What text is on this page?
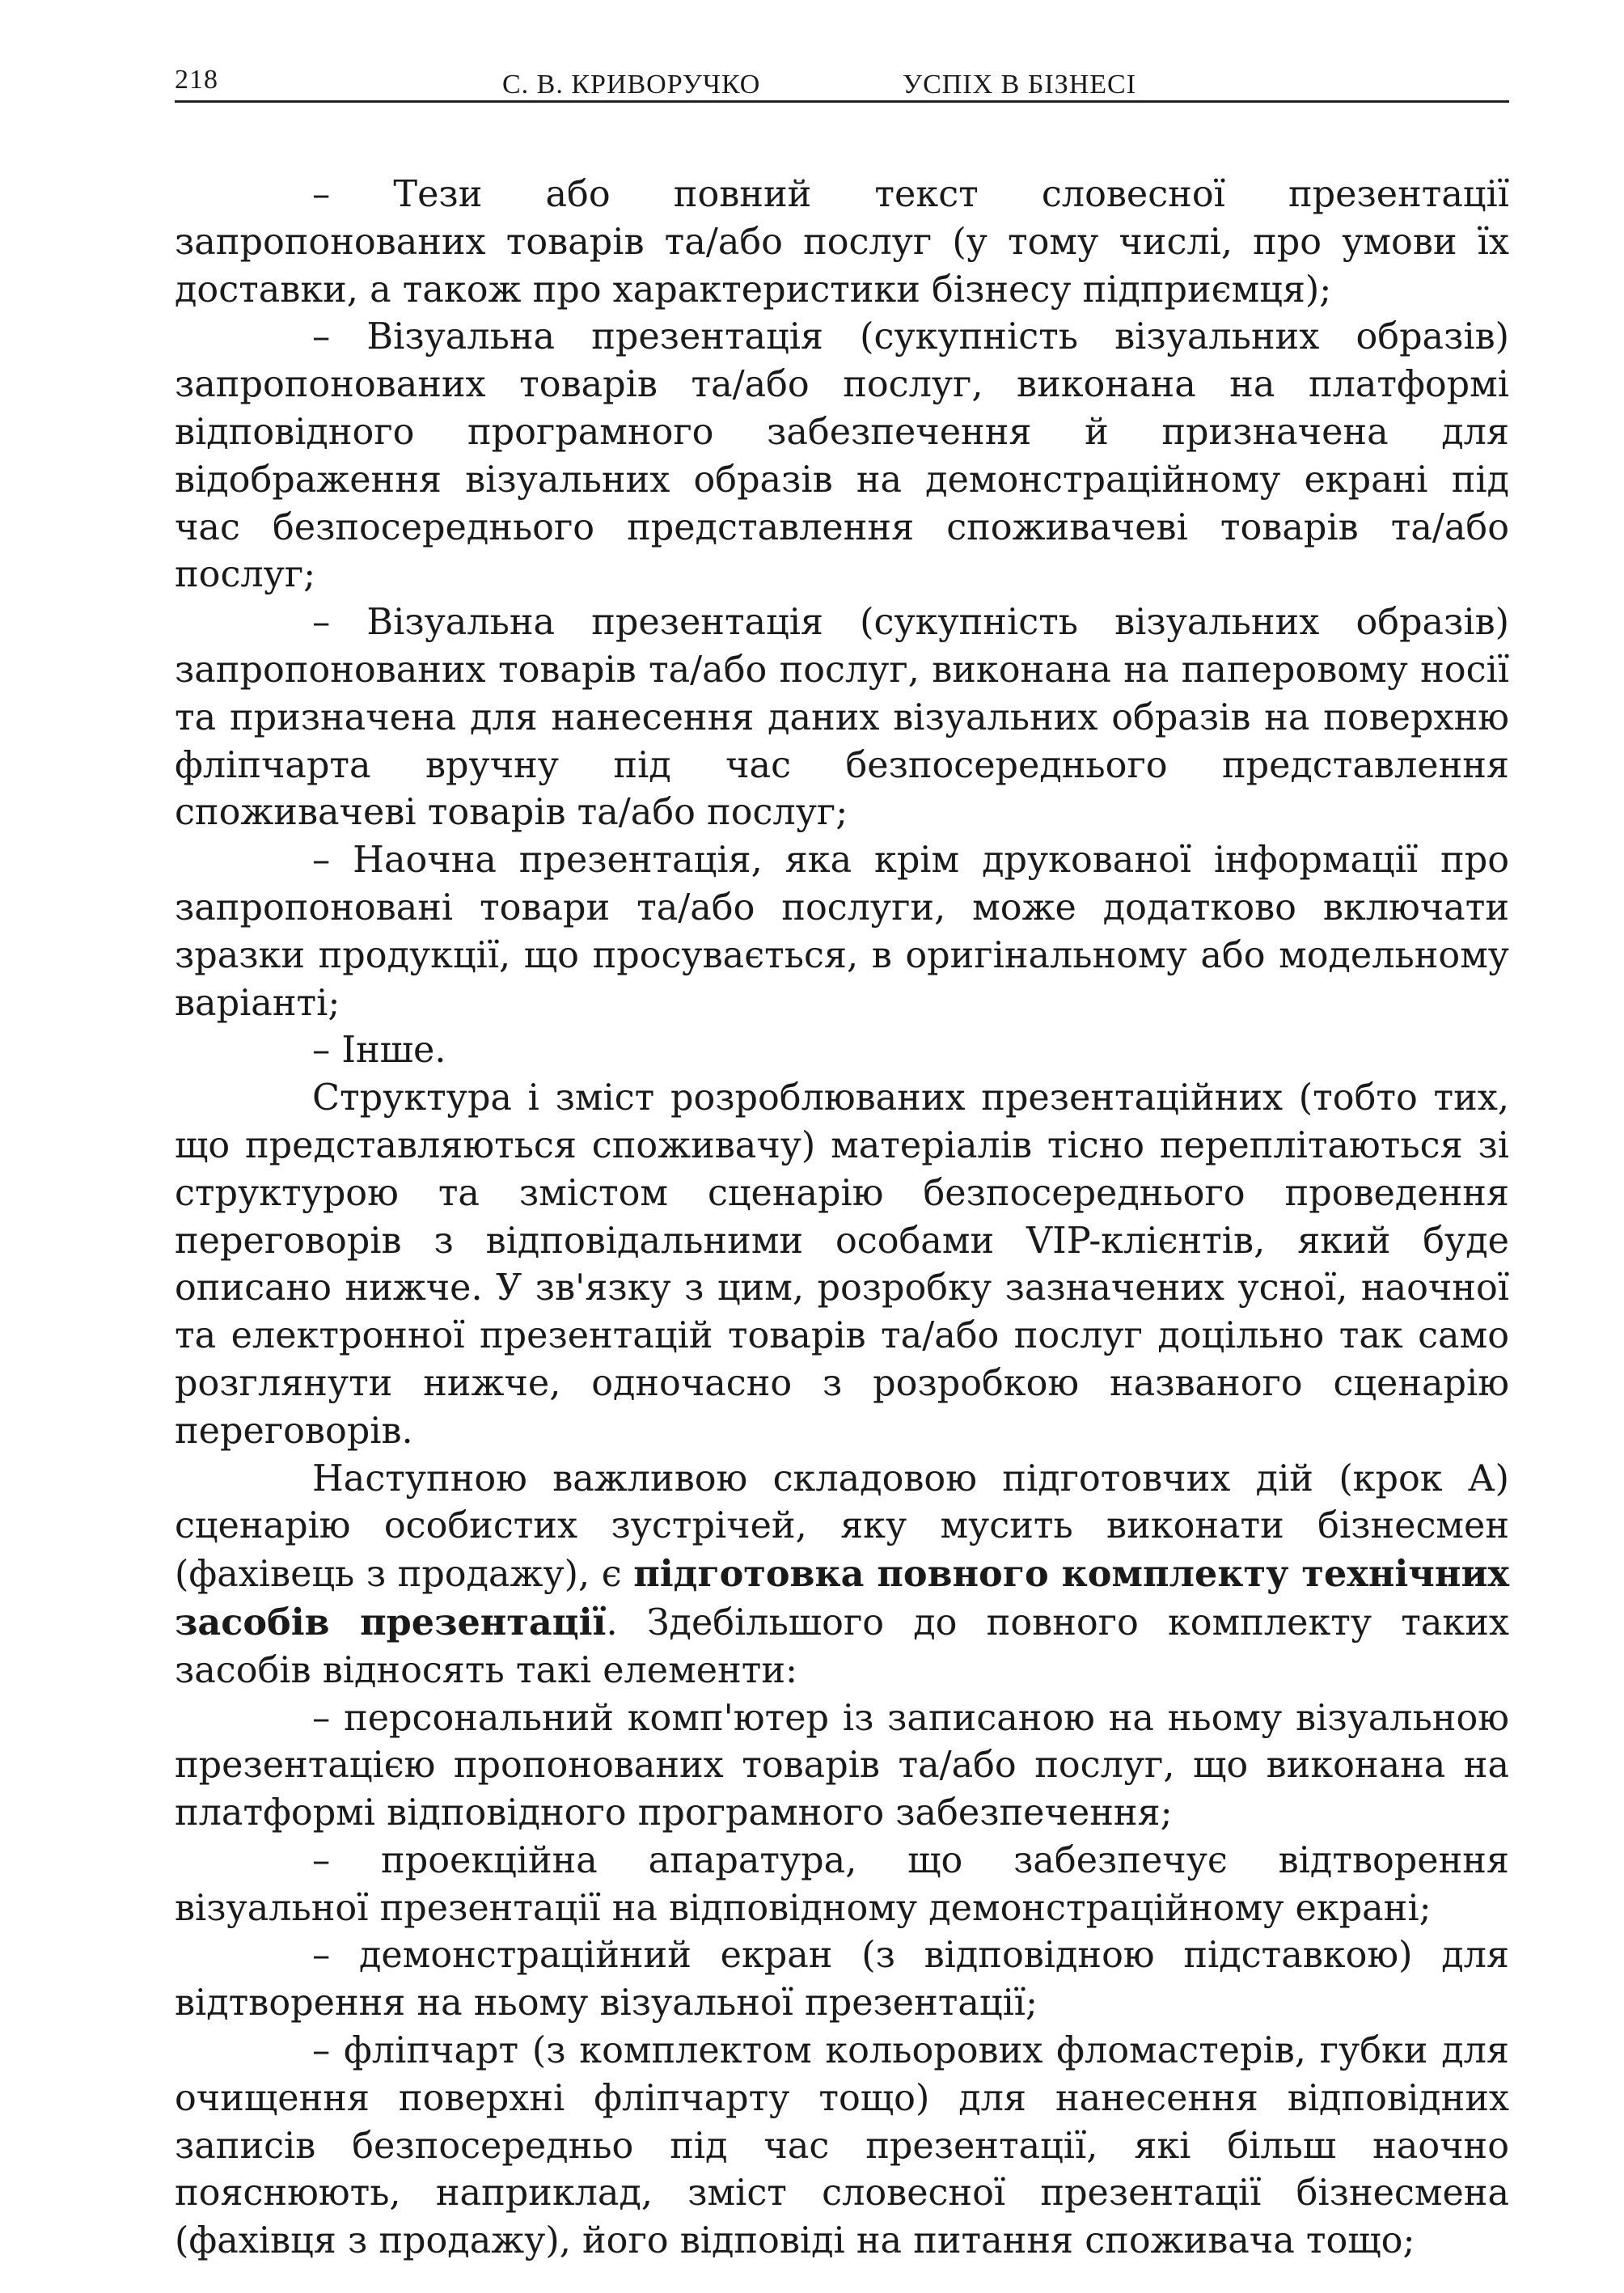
218	С. В. КРИВОРУЧКО	УСПІХ В БІЗНЕСІ

– Тези або повний текст словесної презентації запропонованих товарів та/або послуг (у тому числі, про умови їх доставки, а також про характеристики бізнесу підприємця);

– Візуальна презентація (сукупність візуальних образів) запропонованих товарів та/або послуг, виконана на платформі відповідного програмного забезпечення й призначена для відображення візуальних образів на демонстраційному екрані під час безпосереднього представлення споживачеві товарів та/або послуг;

– Візуальна презентація (сукупність візуальних образів) запропонованих товарів та/або послуг, виконана на паперовому носії та призначена для нанесення даних візуальних образів на поверхню фліпчарта вручну під час безпосереднього представлення споживачеві товарів та/або послуг;

– Наочна презентація, яка крім друкованої інформації про запропоновані товари та/або послуги, може додатково включати зразки продукції, що просувається, в оригінальному або модельному варіанті;

– Інше.

Структура і зміст розроблюваних презентаційних (тобто тих, що представляються споживачу) матеріалів тісно переплітаються зі структурою та змістом сценарію безпосереднього проведення переговорів з відповідальними особами VIP-клієнтів, який буде описано нижче. У зв'язку з цим, розробку зазначених усної, наочної та електронної презентацій товарів та/або послуг доцільно так само розглянути нижче, одночасно з розробкою названого сценарію переговорів.

Наступною важливою складовою підготовчих дій (крок А) сценарію особистих зустрічей, яку мусить виконати бізнесмен (фахівець з продажу), є підготовка повного комплекту технічних засобів презентації. Здебільшого до повного комплекту таких засобів відносять такі елементи:

– персональний комп'ютер із записаною на ньому візуальною презентацією пропонованих товарів та/або послуг, що виконана на платформі відповідного програмного забезпечення;

– проекційна апаратура, що забезпечує відтворення візуальної презентації на відповідному демонстраційному екрані;

– демонстраційний екран (з відповідною підставкою) для відтворення на ньому візуальної презентації;

– фліпчарт (з комплектом кольорових фломастерів, губки для очищення поверхні фліпчарту тощо) для нанесення відповідних записів безпосередньо під час презентації, які більш наочно пояснюють, наприклад, зміст словесної презентації бізнесмена (фахівця з продажу), його відповіді на питання споживача тощо;
